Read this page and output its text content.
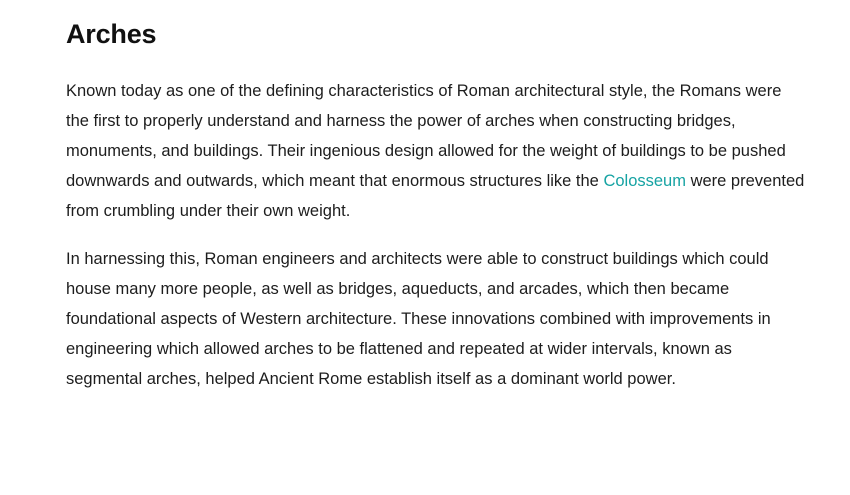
Arches

Known today as one of the defining characteristics of Roman architectural style, the Romans were the first to properly understand and harness the power of arches when constructing bridges, monuments, and buildings. Their ingenious design allowed for the weight of buildings to be pushed downwards and outwards, which meant that enormous structures like the Colosseum were prevented from crumbling under their own weight.

In harnessing this, Roman engineers and architects were able to construct buildings which could house many more people, as well as bridges, aqueducts, and arcades, which then became foundational aspects of Western architecture. These innovations combined with improvements in engineering which allowed arches to be flattened and repeated at wider intervals, known as segmental arches, helped Ancient Rome establish itself as a dominant world power.
